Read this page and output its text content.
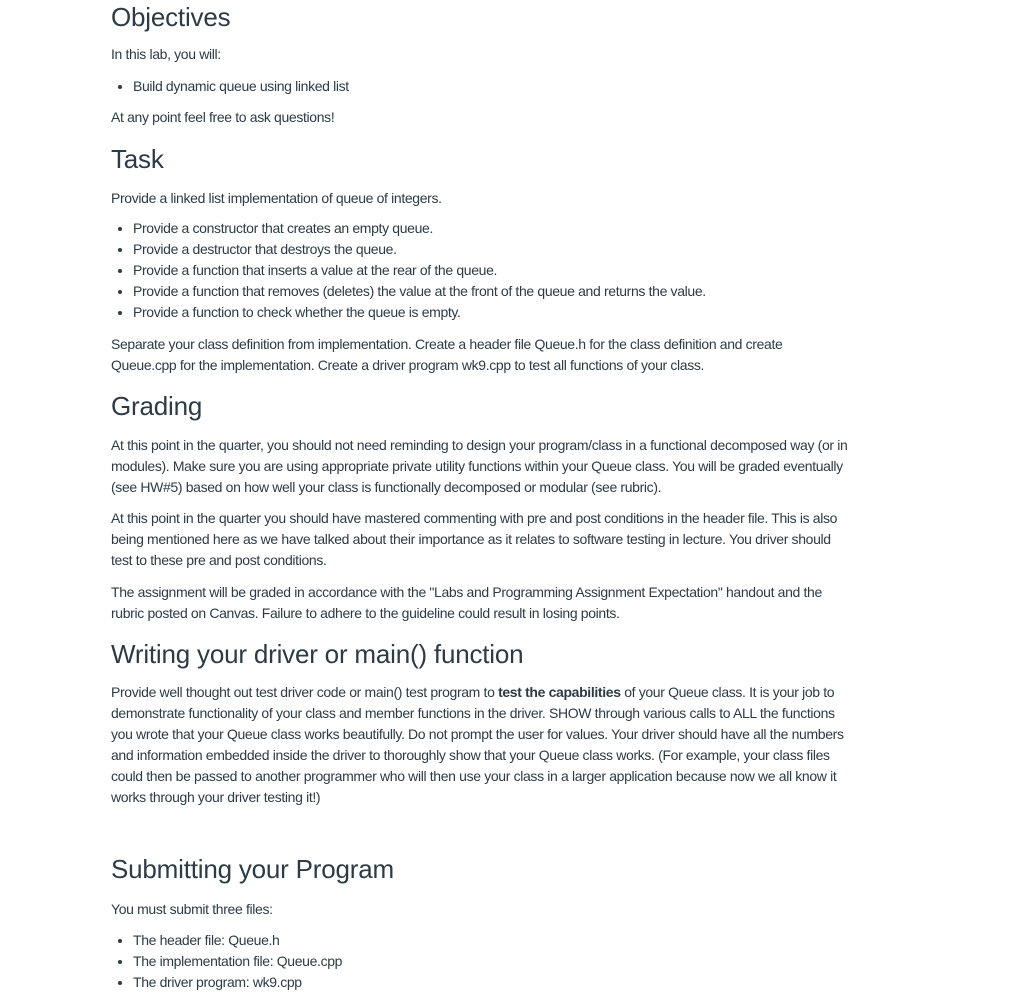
Objectives

In this lab, you will:

• Build dynamic queue using linked list

At any point feel free to ask questions!

Task

Provide a linked list implementation of queue of integers.

• Provide a constructor that creates an empty queue.
• Provide a destructor that destroys the queue.
• Provide a function that inserts a value at the rear of the queue.
• Provide a function that removes (deletes) the value at the front of the queue and returns the value.
• Provide a function to check whether the queue is empty.

Separate your class definition from implementation. Create a header file Queue.h for the class definition and create Queue.cpp for the implementation. Create a driver program wk9.cpp to test all functions of your class.

Grading

At this point in the quarter, you should not need reminding to design your program/class in a functional decomposed way (or in modules). Make sure you are using appropriate private utility functions within your Queue class. You will be graded eventually (see HW#5) based on how well your class is functionally decomposed or modular (see rubric).

At this point in the quarter you should have mastered commenting with pre and post conditions in the header file. This is also being mentioned here as we have talked about their importance as it relates to software testing in lecture. You driver should test to these pre and post conditions.

The assignment will be graded in accordance with the "Labs and Programming Assignment Expectation" handout and the rubric posted on Canvas. Failure to adhere to the guideline could result in losing points.

Writing your driver or main() function

Provide well thought out test driver code or main() test program to test the capabilities of your Queue class. It is your job to demonstrate functionality of your class and member functions in the driver. SHOW through various calls to ALL the functions you wrote that your Queue class works beautifully. Do not prompt the user for values. Your driver should have all the numbers and information embedded inside the driver to thoroughly show that your Queue class works. (For example, your class files could then be passed to another programmer who will then use your class in a larger application because now we all know it works through your driver testing it!)

Submitting your Program

You must submit three files:

• The header file: Queue.h
• The implementation file: Queue.cpp
• The driver program: wk9.cpp
